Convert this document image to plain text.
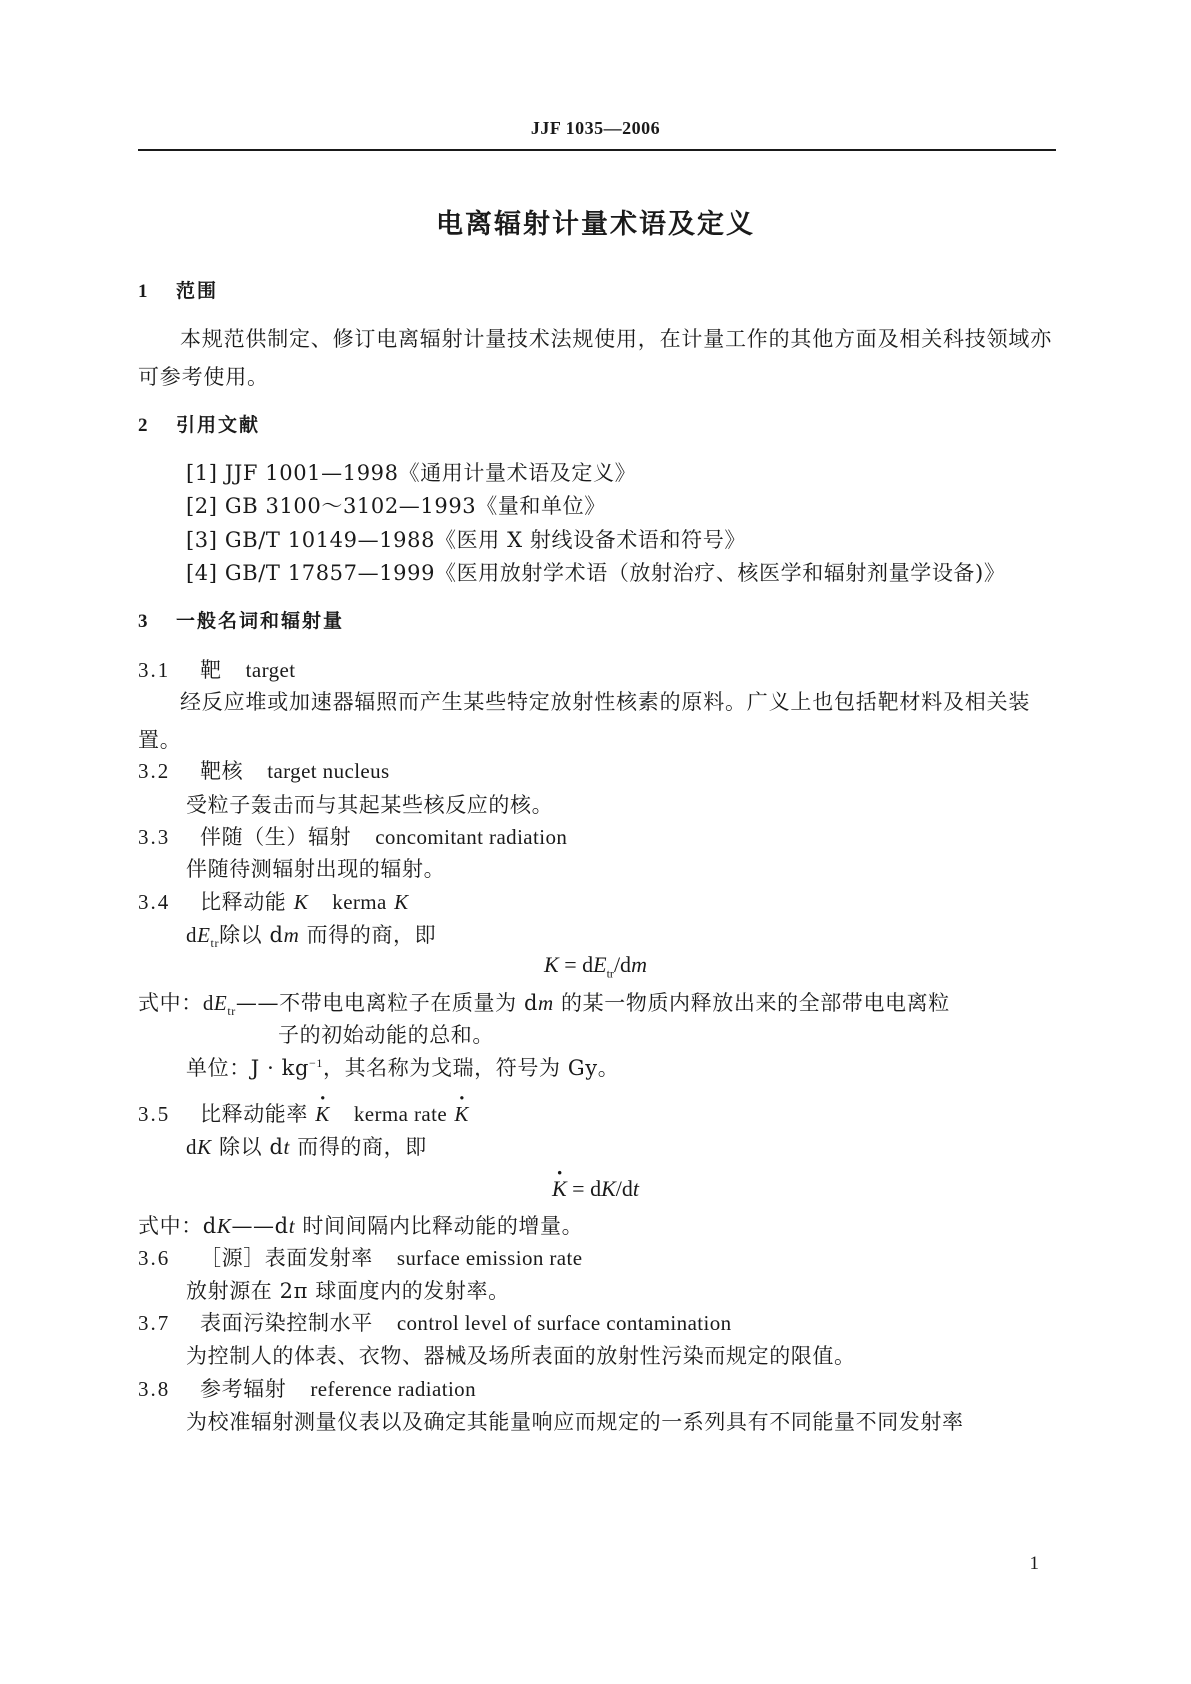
JJF 1035—2006
电离辐射计量术语及定义
1 范围
本规范供制定、修订电离辐射计量技术法规使用，在计量工作的其他方面及相关科技领域亦可参考使用。
2 引用文献
[1] JJF 1001—1998《通用计量术语及定义》
[2] GB 3100～3102—1993《量和单位》
[3] GB/T 10149—1988《医用 X 射线设备术语和符号》
[4] GB/T 17857—1999《医用放射学术语（放射治疗、核医学和辐射剂量学设备)》
3 一般名词和辐射量
3.1 靶 target
经反应堆或加速器辐照而产生某些特定放射性核素的原料。广义上也包括靶材料及相关装置。
3.2 靶核 target nucleus
受粒子轰击而与其起某些核反应的核。
3.3 伴随（生）辐射 concomitant radiation
伴随待测辐射出现的辐射。
3.4 比释动能 K kerma K
$dE_{tr}$除以 dm 而得的商，即
$K = dE_{tr}/dm$
式中：$dE_{tr}——$不带电电离粒子在质量为 dm 的某一物质内释放出来的全部带电电离粒
子的初始动能的总和。
单位：$J \cdot kg^{-1}$，其名称为戈瑞，符号为 Gy。
3.5 比释动能率 · K kerma rate · K
dK 除以 dt 而得的商，即
· K = dK/dt
式中：dK——dt 时间间隔内比释动能的增量。
3.6 ［源］表面发射率 surface emission rate
放射源在 2π 球面度内的发射率。
3.7 表面污染控制水平 control level of surface contamination
为控制人的体表、衣物、器械及场所表面的放射性污染而规定的限值。
3.8 参考辐射 reference radiation
为校准辐射测量仪表以及确定其能量响应而规定的一系列具有不同能量不同发射率
1
